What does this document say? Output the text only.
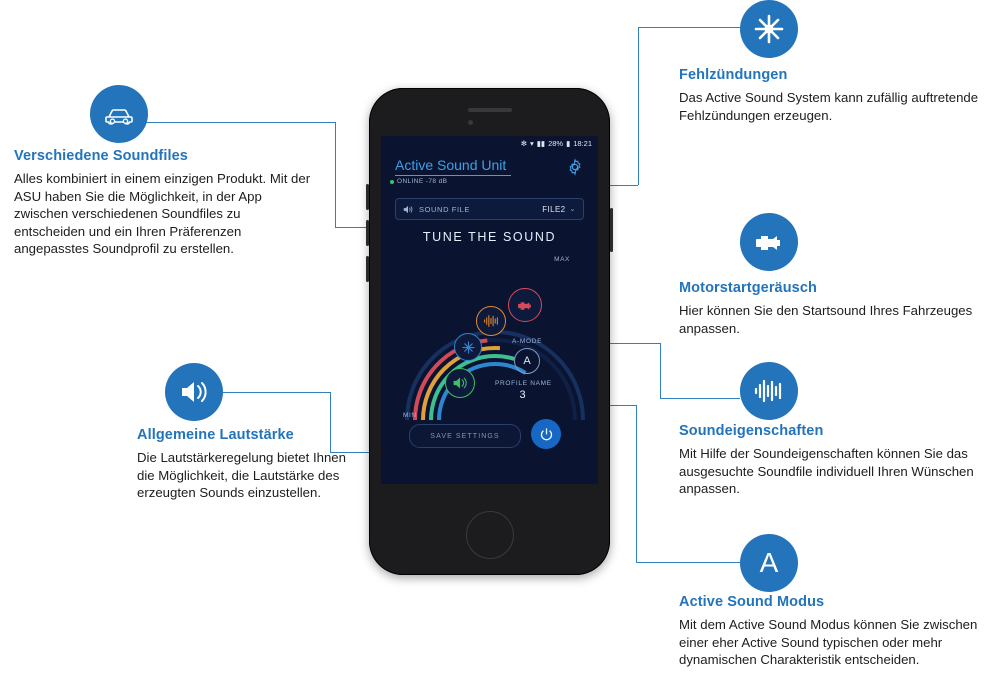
A
Verschiedene Soundfiles

Alles kombiniert in einem einzigen Produkt. Mit der ASU haben Sie die Möglichkeit, in der App zwischen verschiedenen Soundfiles zu entscheiden und ein Ihren Präferenzen angepasstes Soundprofil zu erstellen.

Allgemeine Lautstärke

Die Lautstärkeregelung bietet Ihnen die Möglichkeit, die Lautstärke des erzeugten Sounds einzustellen.

Fehlzündungen

Das Active Sound System kann zufällig auftretende Fehlzündungen erzeugen.

Motorstartgeräusch

Hier können Sie den Startsound Ihres Fahrzeuges anpassen.

Soundeigenschaften

Mit Hilfe der Soundeigenschaften können Sie das ausgesuchte Soundfile individuell Ihren Wünschen anpassen.

Active Sound Modus

Mit dem Active Sound Modus können Sie zwischen einer eher Active Sound typischen oder mehr dynamischen Charakteristik entscheiden.

✻ ▾ ▮▮ 28% ▮ 18:21
Active Sound Unit
ONLINE -78 dB
SOUND FILE	FILE2 ⌄
TUNE THE SOUND
MAX
MIN
A-MODE
A
PROFILE NAME
3
SAVE SETTINGS
